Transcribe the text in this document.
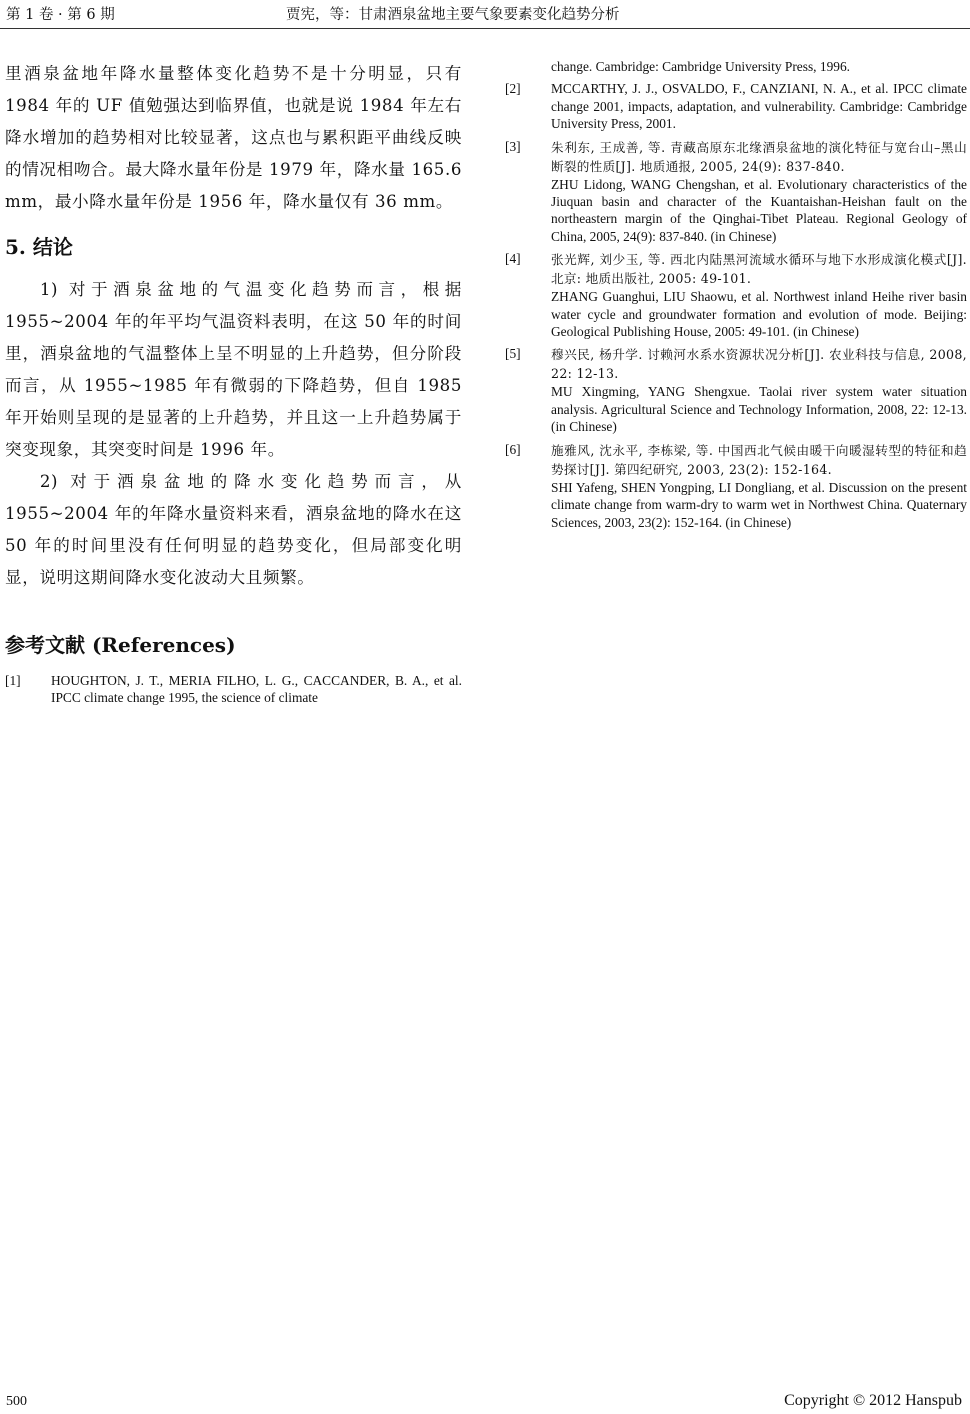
第 1 卷 · 第 6 期	贾宪，等：甘肃酒泉盆地主要气象要素变化趋势分析

里酒泉盆地年降水量整体变化趋势不是十分明显，只有 1984 年的 UF 值勉强达到临界值，也就是说 1984 年左右降水增加的趋势相对比较显著，这点也与累积距平曲线反映的情况相吻合。最大降水量年份是 1979 年，降水量 165.6 mm，最小降水量年份是 1956 年，降水量仅有 36 mm。

5. 结论

1) 对于酒泉盆地的气温变化趋势而言，根据 1955~2004 年的年平均气温资料表明，在这 50 年的时间里，酒泉盆地的气温整体上呈不明显的上升趋势，但分阶段而言，从 1955~1985 年有微弱的下降趋势，但自 1985 年开始则呈现的是显著的上升趋势，并且这一上升趋势属于突变现象，其突变时间是 1996 年。

2) 对于酒泉盆地的降水变化趋势而言，从 1955~2004 年的年降水量资料来看，酒泉盆地的降水在这 50 年的时间里没有任何明显的趋势变化，但局部变化明显，说明这期间降水变化波动大且频繁。

参考文献 (References)
[1]	HOUGHTON, J. T., MERIA FILHO, L. G., CACCANDER, B. A., et al. IPCC climate change 1995, the science of climate

change. Cambridge: Cambridge University Press, 1996.

[2]	MCCARTHY, J. J., OSVALDO, F., CANZIANI, N. A., et al. IPCC climate change 2001, impacts, adaptation, and vulnerability. Cambridge: Cambridge University Press, 2001.

[3]	朱利东, 王成善, 等. 青藏高原东北缘酒泉盆地的演化特征与宽台山–黑山断裂的性质[J]. 地质通报, 2005, 24(9): 837-840.

ZHU Lidong, WANG Chengshan, et al. Evolutionary characteristics of the Jiuquan basin and character of the Kuantaishan-Heishan fault on the northeastern margin of the Qinghai-Tibet Plateau. Regional Geology of China, 2005, 24(9): 837-840. (in Chinese)

[4]	张光辉, 刘少玉, 等. 西北内陆黑河流域水循环与地下水形成演化模式[J]. 北京: 地质出版社, 2005: 49-101.

ZHANG Guanghui, LIU Shaowu, et al. Northwest inland Heihe river basin water cycle and groundwater formation and evolution of mode. Beijing: Geological Publishing House, 2005: 49-101. (in Chinese)

[5]	穆兴民, 杨升学. 讨赖河水系水资源状况分析[J]. 农业科技与信息, 2008, 22: 12-13.

MU Xingming, YANG Shengxue. Taolai river system water situation analysis. Agricultural Science and Technology Information, 2008, 22: 12-13. (in Chinese)

[6]	施雅风, 沈永平, 李栋梁, 等. 中国西北气候由暖干向暖湿转型的特征和趋势探讨[J]. 第四纪研究, 2003, 23(2): 152-164.

SHI Yafeng, SHEN Yongping, LI Dongliang, et al. Discussion on the present climate change from warm-dry to warm wet in Northwest China. Quaternary Sciences, 2003, 23(2): 152-164. (in Chinese)

500	Copyright © 2012 Hanspub
